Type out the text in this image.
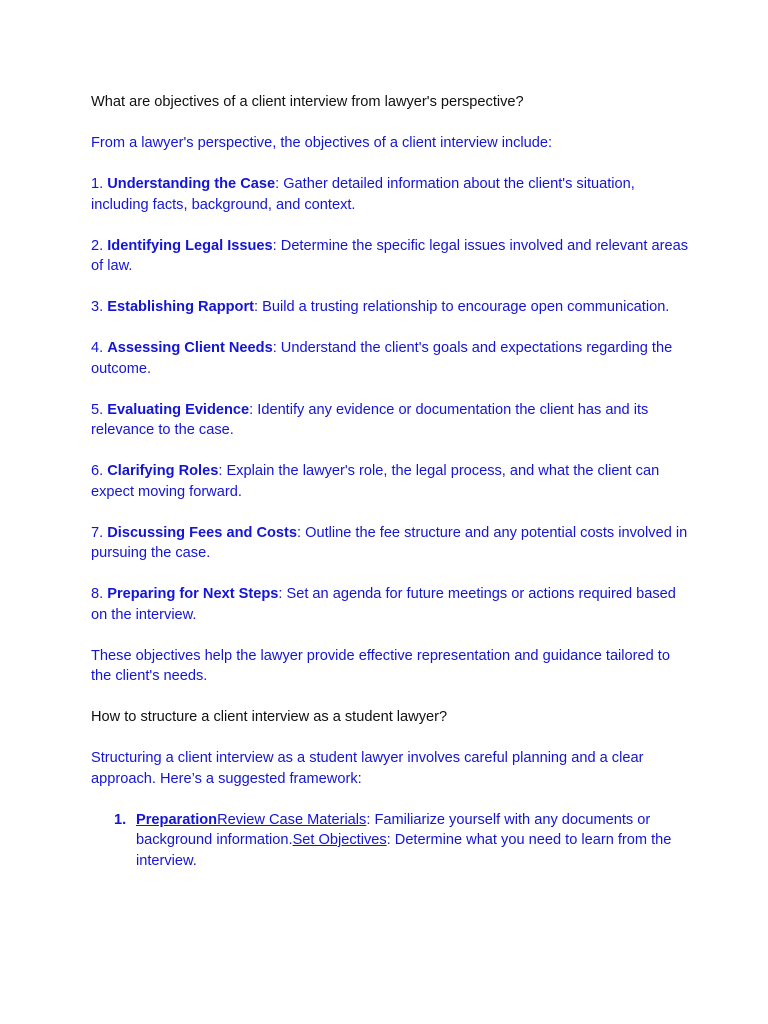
What are objectives of a client interview from lawyer's perspective?

From a lawyer's perspective, the objectives of a client interview include:

1. Understanding the Case: Gather detailed information about the client's situation, including facts, background, and context.

2. Identifying Legal Issues: Determine the specific legal issues involved and relevant areas of law.

3. Establishing Rapport: Build a trusting relationship to encourage open communication.

4. Assessing Client Needs: Understand the client's goals and expectations regarding the outcome.

5. Evaluating Evidence: Identify any evidence or documentation the client has and its relevance to the case.

6. Clarifying Roles: Explain the lawyer's role, the legal process, and what the client can expect moving forward.

7. Discussing Fees and Costs: Outline the fee structure and any potential costs involved in pursuing the case.

8. Preparing for Next Steps: Set an agenda for future meetings or actions required based on the interview.

These objectives help the lawyer provide effective representation and guidance tailored to the client's needs.

How to structure a client interview as a student lawyer?

Structuring a client interview as a student lawyer involves careful planning and a clear approach. Here’s a suggested framework:

1. PreparationReview Case Materials: Familiarize yourself with any documents or background information.Set Objectives: Determine what you need to learn from the interview.
